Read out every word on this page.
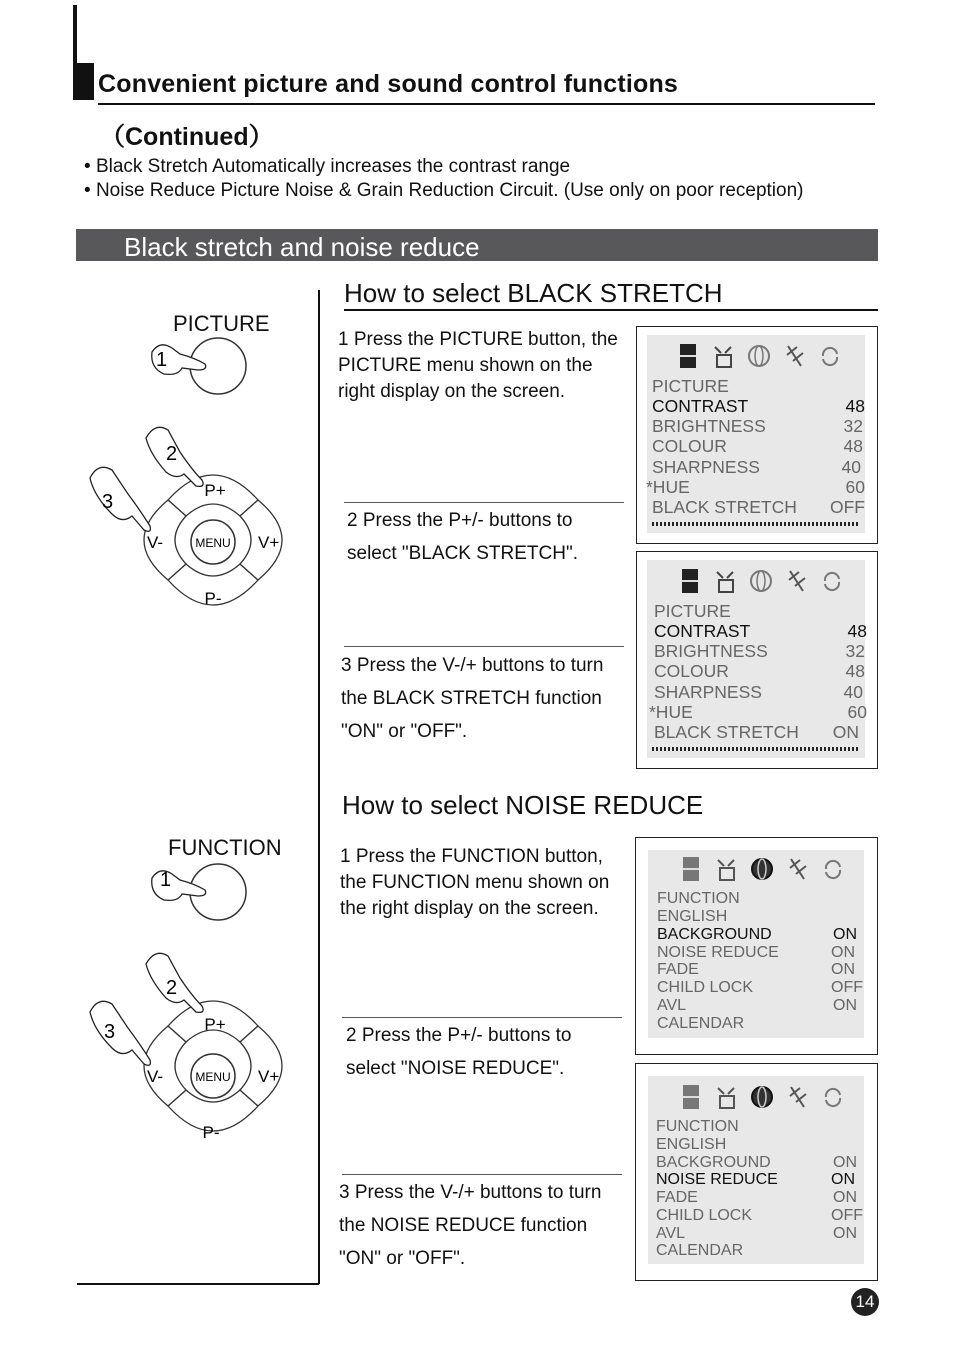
Convenient picture and sound control functions
（Continued）
• Black Stretch Automatically increases the contrast range
• Noise Reduce Picture Noise & Grain Reduction Circuit. (Use only on poor reception)
Black stretch and noise reduce
How to select BLACK STRETCH
1 Press the PICTURE button, the PICTURE menu shown on the right display on the screen.
2 Press the P+/- buttons to select "BLACK STRETCH".
3 Press the V-/+ buttons to turn the BLACK STRETCH function "ON" or "OFF".
PICTURE
CONTRAST	48
BRIGHTNESS	32
COLOUR	48
SHARPNESS	40
*HUE	60
BLACK STRETCH OFF
PICTURE
CONTRAST	48
BRIGHTNESS	32
COLOUR	48
SHARPNESS	40
*HUE	60
BLACK STRETCH ON
How to select NOISE REDUCE
1 Press the FUNCTION button, the FUNCTION menu shown on the right display on the screen.
2 Press the P+/- buttons to select "NOISE REDUCE".
3 Press the V-/+ buttons to turn the NOISE REDUCE function "ON" or "OFF".
FUNCTION
ENGLISH
BACKGROUND	ON
NOISE REDUCE	ON
FADE	ON
CHILD LOCK	OFF
AVL	ON
CALENDAR
FUNCTION
ENGLISH
BACKGROUND	ON
NOISE REDUCE	ON
FADE	ON
CHILD LOCK	OFF
AVL	ON
CALENDAR
PICTURE
1
MENU
P+
P-
V-	V+
2
3
FUNCTION
1
MENU
P+
P-
V-	V+
2
3
14
